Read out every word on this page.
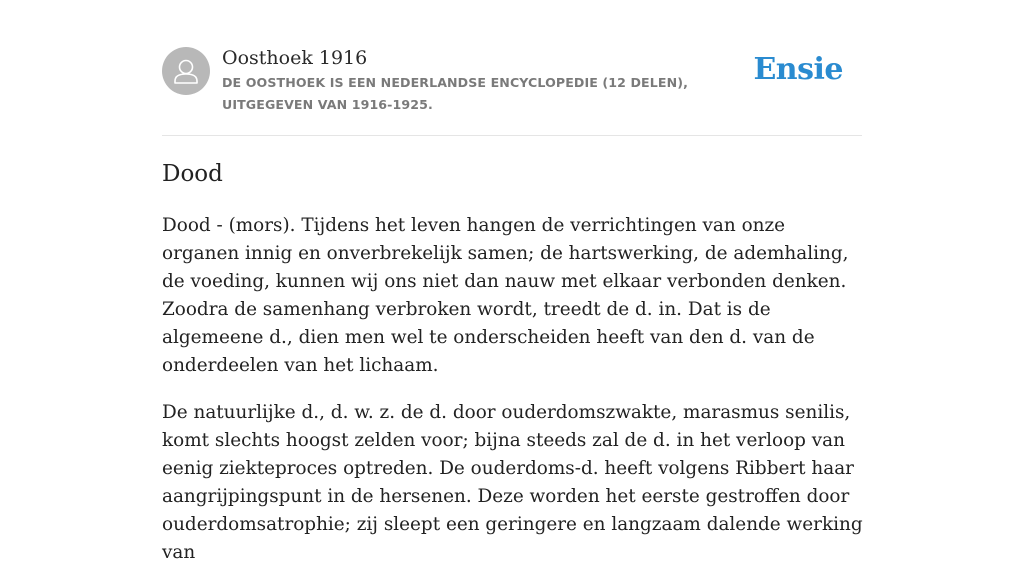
Oosthoek 1916
DE OOSTHOEK IS EEN NEDERLANDSE ENCYCLOPEDIE (12 DELEN), UITGEGEVEN VAN 1916-1925.
Ensie
Dood

Dood - (mors). Tijdens het leven hangen de verrichtingen van onze organen innig en onverbrekelijk samen; de hartswerking, de ademhaling, de voeding, kunnen wij ons niet dan nauw met elkaar verbonden denken. Zoodra de samenhang verbroken wordt, treedt de d. in. Dat is de algemeene d., dien men wel te onderscheiden heeft van den d. van de onderdeelen van het lichaam.

De natuurlijke d., d. w. z. de d. door ouderdomszwakte, marasmus senilis, komt slechts hoogst zelden voor; bijna steeds zal de d. in het verloop van eenig ziekteproces optreden. De ouderdoms-d. heeft volgens Ribbert haar aangrijpingspunt in de hersenen. Deze worden het eerste gestroffen door ouderdomsatrophie; zij sleept een geringere en langzaam dalende werking van
